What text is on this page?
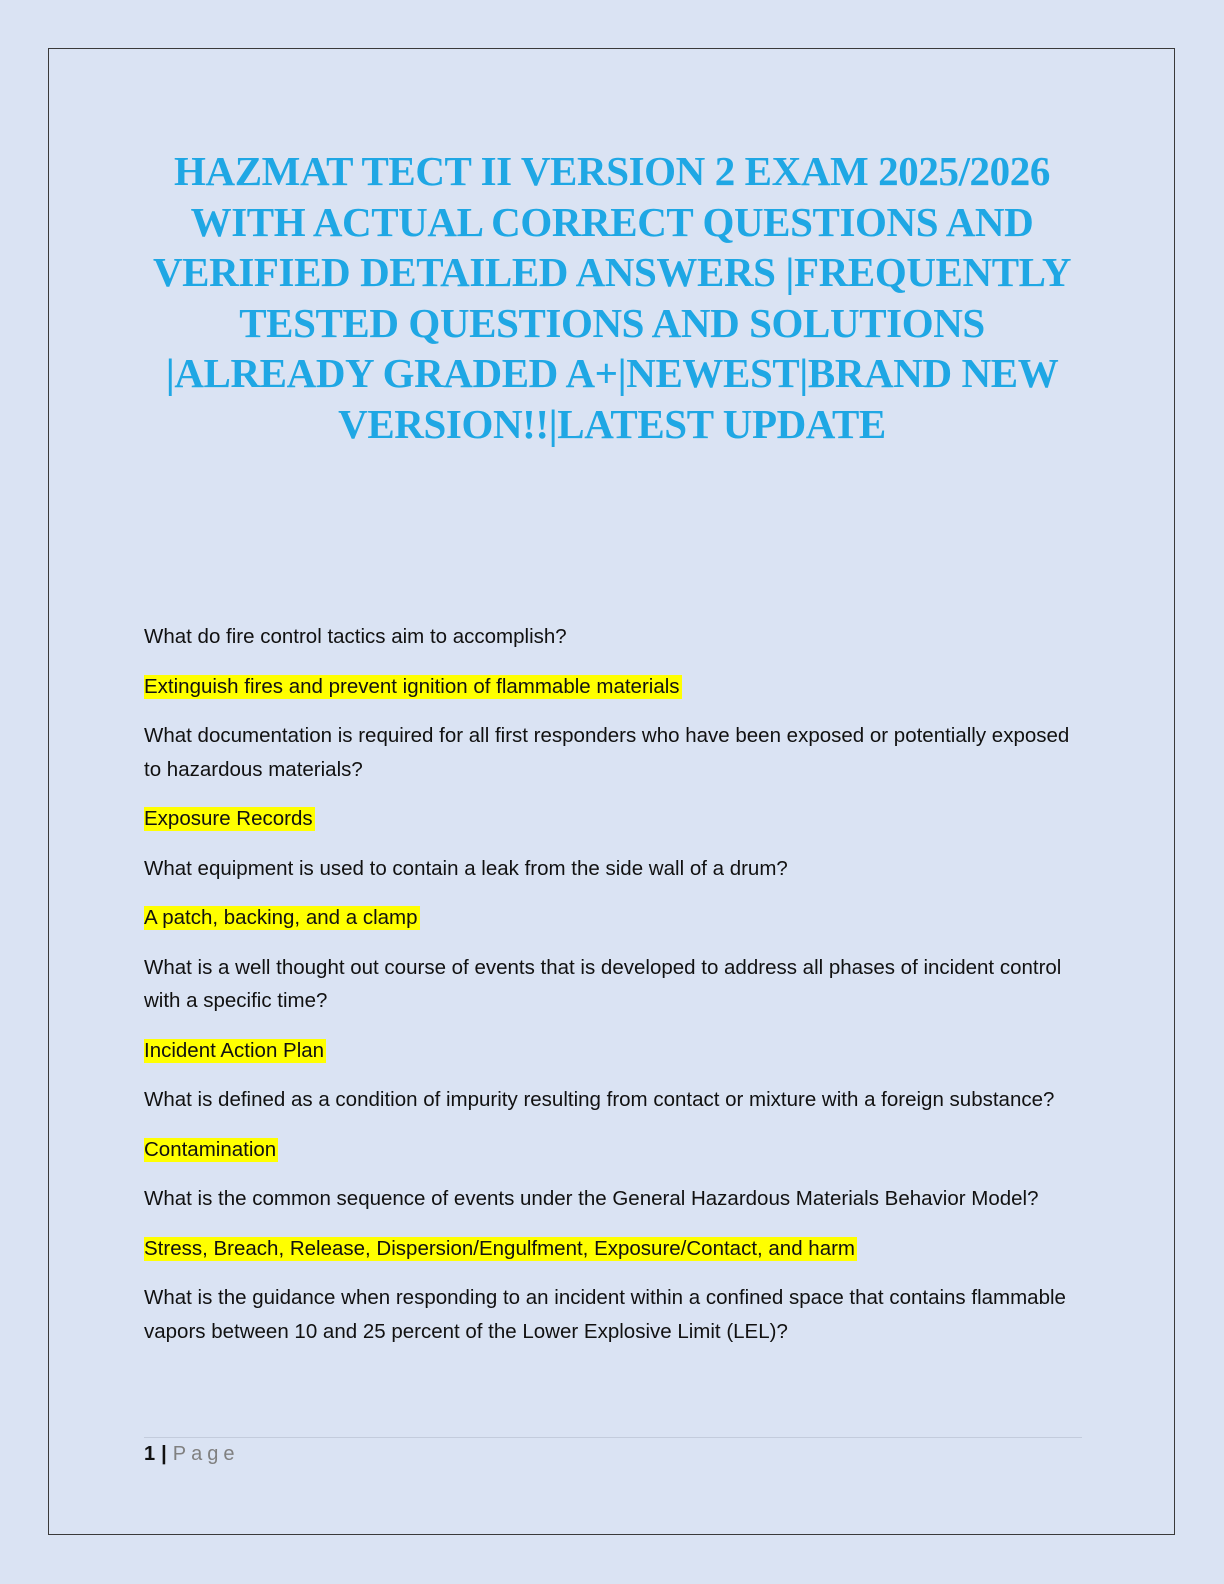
HAZMAT TECT II VERSION 2 EXAM 2025/2026 WITH ACTUAL CORRECT QUESTIONS AND VERIFIED DETAILED ANSWERS |FREQUENTLY TESTED QUESTIONS AND SOLUTIONS |ALREADY GRADED A+|NEWEST|BRAND NEW VERSION!!|LATEST UPDATE

What do fire control tactics aim to accomplish?

Extinguish fires and prevent ignition of flammable materials

What documentation is required for all first responders who have been exposed or potentially exposed to hazardous materials?

Exposure Records

What equipment is used to contain a leak from the side wall of a drum?

A patch, backing, and a clamp

What is a well thought out course of events that is developed to address all phases of incident control with a specific time?

Incident Action Plan

What is defined as a condition of impurity resulting from contact or mixture with a foreign substance?

Contamination

What is the common sequence of events under the General Hazardous Materials Behavior Model?

Stress, Breach, Release, Dispersion/Engulfment, Exposure/Contact, and harm

What is the guidance when responding to an incident within a confined space that contains flammable vapors between 10 and 25 percent of the Lower Explosive Limit (LEL)?

1 | Page
